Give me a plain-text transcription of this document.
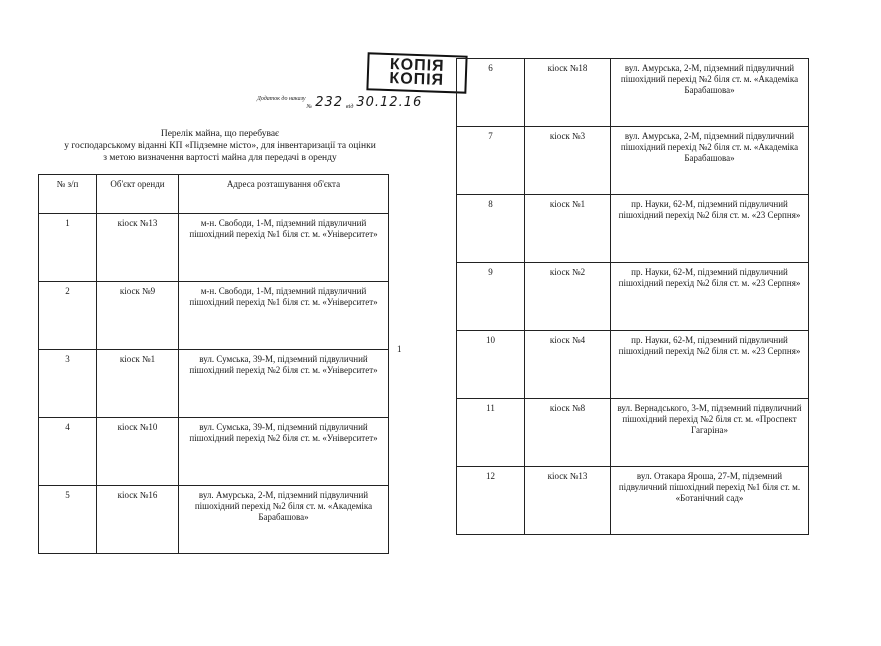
КОПІЯ
КОПІЯ
Додаток до наказу
№ 232 від 30.12.16
Перелік майна, що перебуває
у господарському віданні КП «Підземне місто», для інвентаризації та оцінки
з метою визначення вартості майна для передачі в оренду
№ з/п	Об'єкт оренди	Адреса розташування об'єкта
1	кіоск №13	м-н. Свободи, 1-М, підземний підвуличний пішохідний перехід №1 біля ст. м. «Університет»
2	кіоск №9	м-н. Свободи, 1-М, підземний підвуличний пішохідний перехід №1 біля ст. м. «Університет»
3	кіоск №1	вул. Сумська, 39-М, підземний підвуличний пішохідний перехід №2 біля ст. м. «Університет»
4	кіоск №10	вул. Сумська, 39-М, підземний підвуличний пішохідний перехід №2 біля ст. м. «Університет»
5	кіоск №16	вул. Амурська, 2-М, підземний підвуличний пішохідний перехід №2 біля ст. м. «Академіка Барабашова»
1
6	кіоск №18	вул. Амурська, 2-М, підземний підвуличний пішохідний перехід №2 біля ст. м. «Академіка Барабашова»
7	кіоск №3	вул. Амурська, 2-М, підземний підвуличний пішохідний перехід №2 біля ст. м. «Академіка Барабашова»
8	кіоск №1	пр. Науки, 62-М, підземний підвуличний пішохідний перехід №2 біля ст. м. «23 Серпня»
9	кіоск №2	пр. Науки, 62-М, підземний підвуличний пішохідний перехід №2 біля ст. м. «23 Серпня»
10	кіоск №4	пр. Науки, 62-М, підземний підвуличний пішохідний перехід №2 біля ст. м. «23 Серпня»
11	кіоск №8	вул. Вернадського, 3-М, підземний підвуличний пішохідний перехід №2 біля ст. м. «Проспект Гагаріна»
12	кіоск №13	вул. Отакара Яроша, 27-М, підземний підвуличний пішохідний перехід №1 біля ст. м. «Ботанічний сад»
